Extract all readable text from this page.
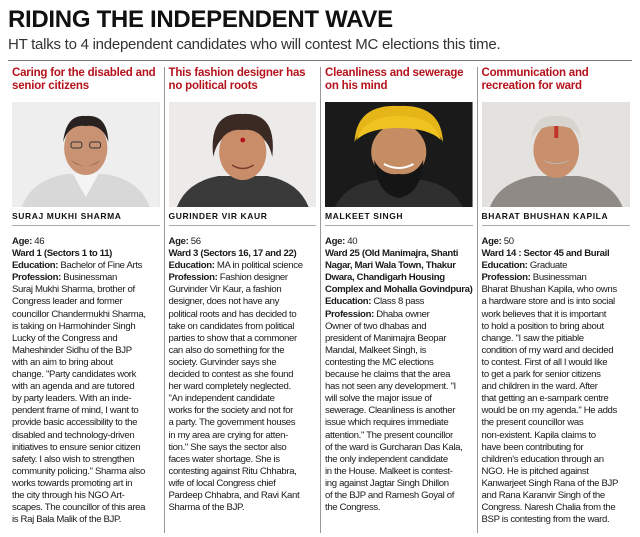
RIDING THE INDEPENDENT WAVE
HT talks to 4 independent candidates who will contest MC elections this time.
Caring for the disabled and senior citizens
SURAJ MUKHI SHARMA
Age: 46
Ward 1 (Sectors 1 to 11)
Education: Bachelor of Fine Arts
Profession: Businessman
Suraj Mukhi Sharma, brother of
Congress leader and former
councillor Chandermukhi Sharma,
is taking on Harmohinder Singh
Lucky of the Congress and
Maheshinder Sidhu of the BJP
with an aim to bring about
change. "Party candidates work
with an agenda and are tutored
by party leaders. With an inde-
pendent frame of mind, I want to
provide basic accessibility to the
disabled and technology-driven
initiatives to ensure senior citizen
safety. I also wish to strengthen
community policing." Sharma also
works towards promoting art in
the city through his NGO Art-
scapes. The councillor of this area
is Raj Bala Malik of the BJP.
This fashion designer has no political roots
GURINDER VIR KAUR
Age: 56
Ward 3 (Sectors 16, 17 and 22)
Education: MA in political science
Profession: Fashion designer
Gurvinder Vir Kaur, a fashion
designer, does not have any
political roots and has decided to
take on candidates from political
parties to show that a commoner
can also do something for the
society. Gurvinder says she
decided to contest as she found
her ward completely neglected.
"An independent candidate
works for the society and not for
a party. The government houses
in my area are crying for atten-
tion." She says the sector also
faces water shortage. She is
contesting against Ritu Chhabra,
wife of local Congress chief
Pardeep Chhabra, and Ravi Kant
Sharma of the BJP.
Cleanliness and sewerage on his mind
MALKEET SINGH
Age: 40
Ward 25 (Old Manimajra, Shanti Nagar, Mari Wala Town, Thakur Dwara, Chandigarh Housing Complex and Mohalla Govindpura)
Education: Class 8 pass
Profession: Dhaba owner
Owner of two dhabas and
president of Manimajra Beopar
Mandal, Malkeet Singh, is
contesting the MC elections
because he claims that the area
has not seen any development. "I
will solve the major issue of
sewerage. Cleanliness is another
issue which requires immediate
attention." The present councillor
of the ward is Gurcharan Das Kala,
the only independent candidate
in the House. Malkeet is contest-
ing against Jagtar Singh Dhillon
of the BJP and Ramesh Goyal of
the Congress.
Communication and recreation for ward
BHARAT BHUSHAN KAPILA
Age: 50
Ward 14 : Sector 45 and Burail
Education: Graduate
Profession: Businessman
Bharat Bhushan Kapila, who owns
a hardware store and is into social
work believes that it is important
to hold a position to bring about
change. "I saw the pitiable
condition of my ward and decided
to contest. First of all I would like
to get a park for senior citizens
and children in the ward. After
that getting an e-sampark centre
would be on my agenda." He adds
the present councillor was
non-existent. Kapila claims to
have been contributing for
children's education through an
NGO. He is pitched against
Kanwarjeet Singh Rana of the BJP
and Rana Karanvir Singh of the
Congress. Naresh Chalia from the
BSP is contesting from the ward.
